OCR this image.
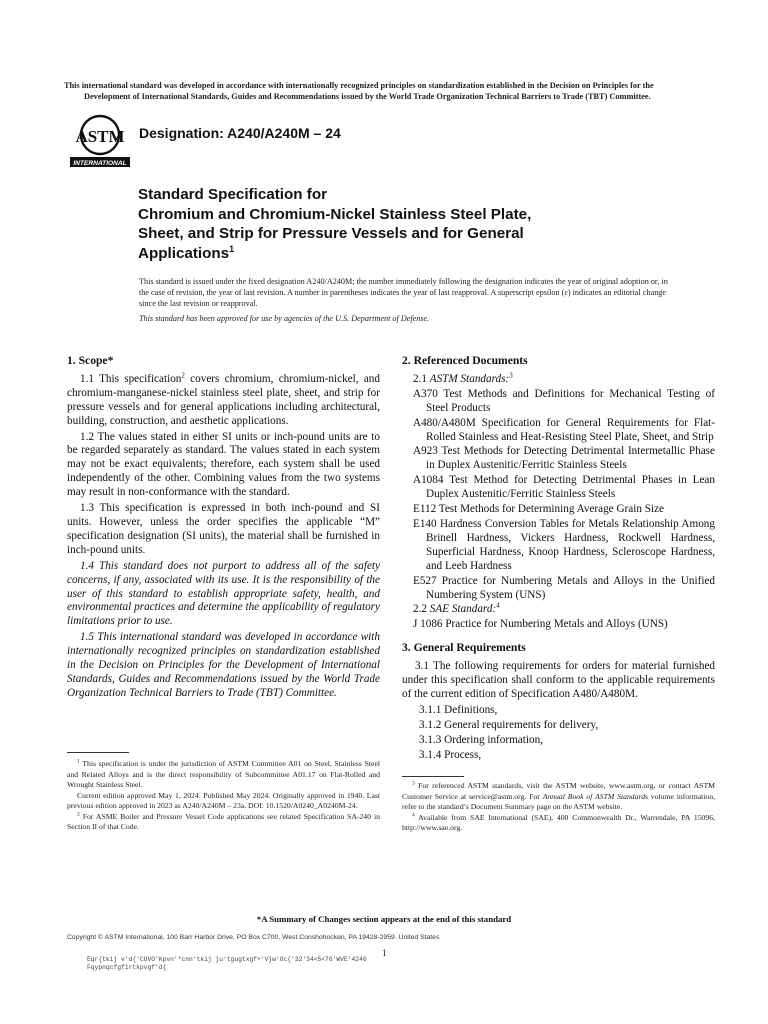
This international standard was developed in accordance with internationally recognized principles on standardization established in the Decision on Principles for the
Development of International Standards, Guides and Recommendations issued by the World Trade Organization Technical Barriers to Trade (TBT) Committee.
ASTM
INTERNATIONAL
Designation: A240/A240M – 24
Standard Specification for
Chromium and Chromium-Nickel Stainless Steel Plate,
Sheet, and Strip for Pressure Vessels and for General
Applications$^1$
This standard is issued under the fixed designation A240/A240M; the number immediately following the designation indicates the year of original adoption or, in the case of revision, the year of last revision. A number in parentheses indicates the year of last reapproval. A superscript epsilon (ε) indicates an editorial change since the last revision or reapproval.
This standard has been approved for use by agencies of the U.S. Department of Defense.
1. Scope*
1.1 This specification$^2$ covers chromium, chromium-nickel, and chromium-manganese-nickel stainless steel plate, sheet, and strip for pressure vessels and for general applications including architectural, building, construction, and aesthetic applications.
1.2 The values stated in either SI units or inch-pound units are to be regarded separately as standard. The values stated in each system may not be exact equivalents; therefore, each system shall be used independently of the other. Combining values from the two systems may result in non-conformance with the standard.
1.3 This specification is expressed in both inch-pound and SI units. However, unless the order specifies the applicable “M” specification designation (SI units), the material shall be furnished in inch-pound units.
1.4 This standard does not purport to address all of the safety concerns, if any, associated with its use. It is the responsibility of the user of this standard to establish appropriate safety, health, and environmental practices and determine the applicability of regulatory limitations prior to use.
1.5 This international standard was developed in accordance with internationally recognized principles on standardization established in the Decision on Principles for the Development of International Standards, Guides and Recommendations issued by the World Trade Organization Technical Barriers to Trade (TBT) Committee.
$^1$ This specification is under the jurisdiction of ASTM Committee A01 on Steel, Stainless Steel and Related Alloys and is the direct responsibility of Subcommittee A01.17 on Flat-Rolled and Wrought Stainless Steel.
Current edition approved May 1, 2024. Published May 2024. Originally approved in 1940. Last previous edition approved in 2023 as A240/A240M – 23a. DOI: 10.1520/A0240_A0240M-24.
$^2$ For ASME Boiler and Pressure Vessel Code applications see related Specification SA-240 in Section II of that Code.
2. Referenced Documents
2.1 ASTM Standards:$^3$
A370 Test Methods and Definitions for Mechanical Testing of Steel Products
A480/A480M Specification for General Requirements for Flat-Rolled Stainless and Heat-Resisting Steel Plate, Sheet, and Strip
A923 Test Methods for Detecting Detrimental Intermetallic Phase in Duplex Austenitic/Ferritic Stainless Steels
A1084 Test Method for Detecting Detrimental Phases in Lean Duplex Austenitic/Ferritic Stainless Steels
E112 Test Methods for Determining Average Grain Size
E140 Hardness Conversion Tables for Metals Relationship Among Brinell Hardness, Vickers Hardness, Rockwell Hardness, Superficial Hardness, Knoop Hardness, Scleroscope Hardness, and Leeb Hardness
E527 Practice for Numbering Metals and Alloys in the Unified Numbering System (UNS)
2.2 SAE Standard:$^4$
J 1086 Practice for Numbering Metals and Alloys (UNS)
3. General Requirements
3.1 The following requirements for orders for material furnished under this specification shall conform to the applicable requirements of the current edition of Specification A480/A480M.
3.1.1 Definitions,
3.1.2 General requirements for delivery,
3.1.3 Ordering information,
3.1.4 Process,
$^3$ For referenced ASTM standards, visit the ASTM website, www.astm.org, or contact ASTM Customer Service at service@astm.org. For Annual Book of ASTM Standards volume information, refer to the standard’s Document Summary page on the ASTM website.
$^4$ Available from SAE International (SAE), 400 Commonwealth Dr., Warrendale, PA 15096, http://www.sae.org.
*A Summary of Changes section appears at the end of this standard
Copyright © ASTM International, 100 Barr Harbor Drive, PO Box C700, West Conshohocken, PA 19428-2959. United States
1
Eqr{tkij v'd{'CUVO'Kpvn'*cnn'tkij ju'tgugtxgf+'Vjw'Oc{'32'34<5<76'WVE'4246
Fqypnqcfgf1rtkpvgf'd{
